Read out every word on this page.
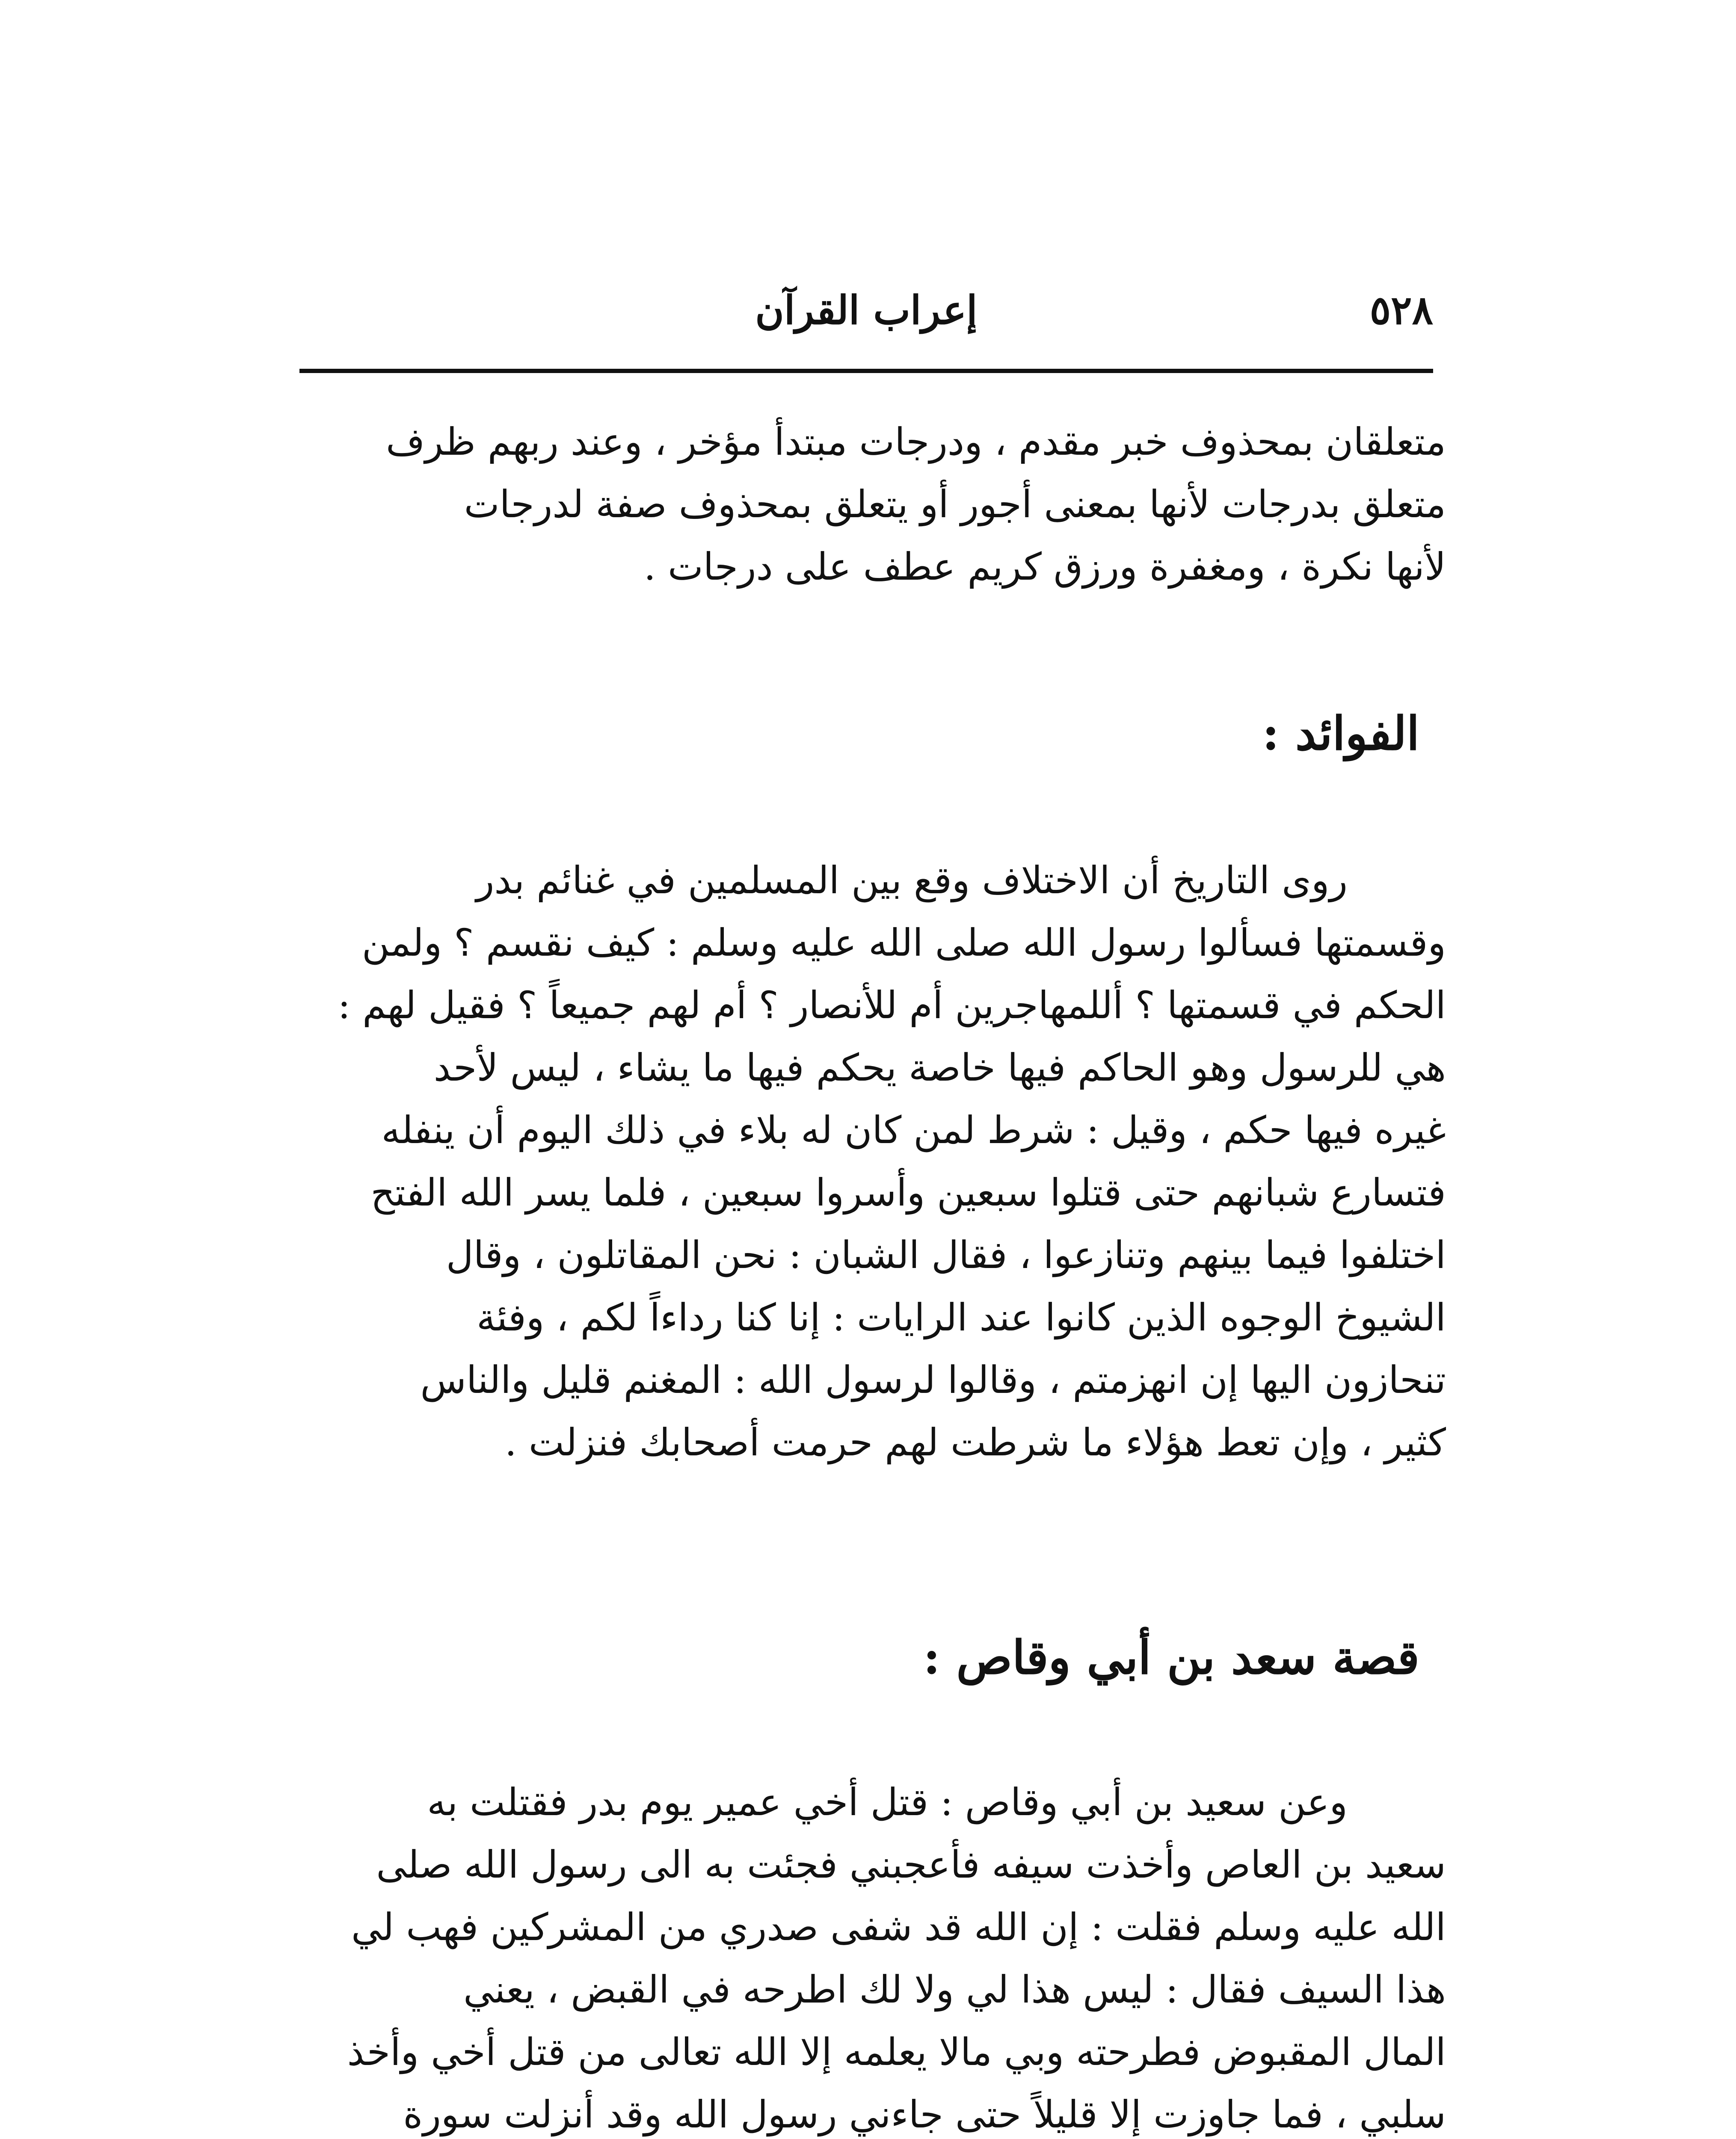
٥٢٨
إعراب القرآن
متعلقان بمحذوف خبر مقدم ، ودرجات مبتدأ مؤخر ، وعند ربهم ظرف
متعلق بدرجات لأنها بمعنى أجور أو يتعلق بمحذوف صفة لدرجات
لأنها نكرة ، ومغفرة ورزق كريم عطف على درجات .
الفوائد :
روى التاريخ أن الاختلاف وقع بين المسلمين في غنائم بدر
وقسمتها فسألوا رسول الله صلى الله عليه وسلم : كيف نقسم ؟ ولمن
الحكم في قسمتها ؟ أللمهاجرين أم للأنصار ؟ أم لهم جميعاً ؟ فقيل لهم :
هي للرسول وهو الحاكم فيها خاصة يحكم فيها ما يشاء ، ليس لأحد
غيره فيها حكم ، وقيل : شرط لمن كان له بلاء في ذلك اليوم أن ينفله
فتسارع شبانهم حتى قتلوا سبعين وأسروا سبعين ، فلما يسر الله الفتح
اختلفوا فيما بينهم وتنازعوا ، فقال الشبان : نحن المقاتلون ، وقال
الشيوخ الوجوه الذين كانوا عند الرايات : إنا كنا رداءاً لكم ، وفئة
تنحازون اليها إن انهزمتم ، وقالوا لرسول الله : المغنم قليل والناس
كثير ، وإن تعط هؤلاء ما شرطت لهم حرمت أصحابك فنزلت .
قصة سعد بن أبي وقاص :
وعن سعيد بن أبي وقاص : قتل أخي عمير يوم بدر فقتلت به
سعيد بن العاص وأخذت سيفه فأعجبني فجئت به الى رسول الله صلى
الله عليه وسلم فقلت : إن الله قد شفى صدري من المشركين فهب لي
هذا السيف فقال : ليس هذا لي ولا لك اطرحه في القبض ، يعني
المال المقبوض فطرحته وبي مالا يعلمه إلا الله تعالى من قتل أخي وأخذ
سلبي ، فما جاوزت إلا قليلاً حتى جاءني رسول الله وقد أنزلت سورة
